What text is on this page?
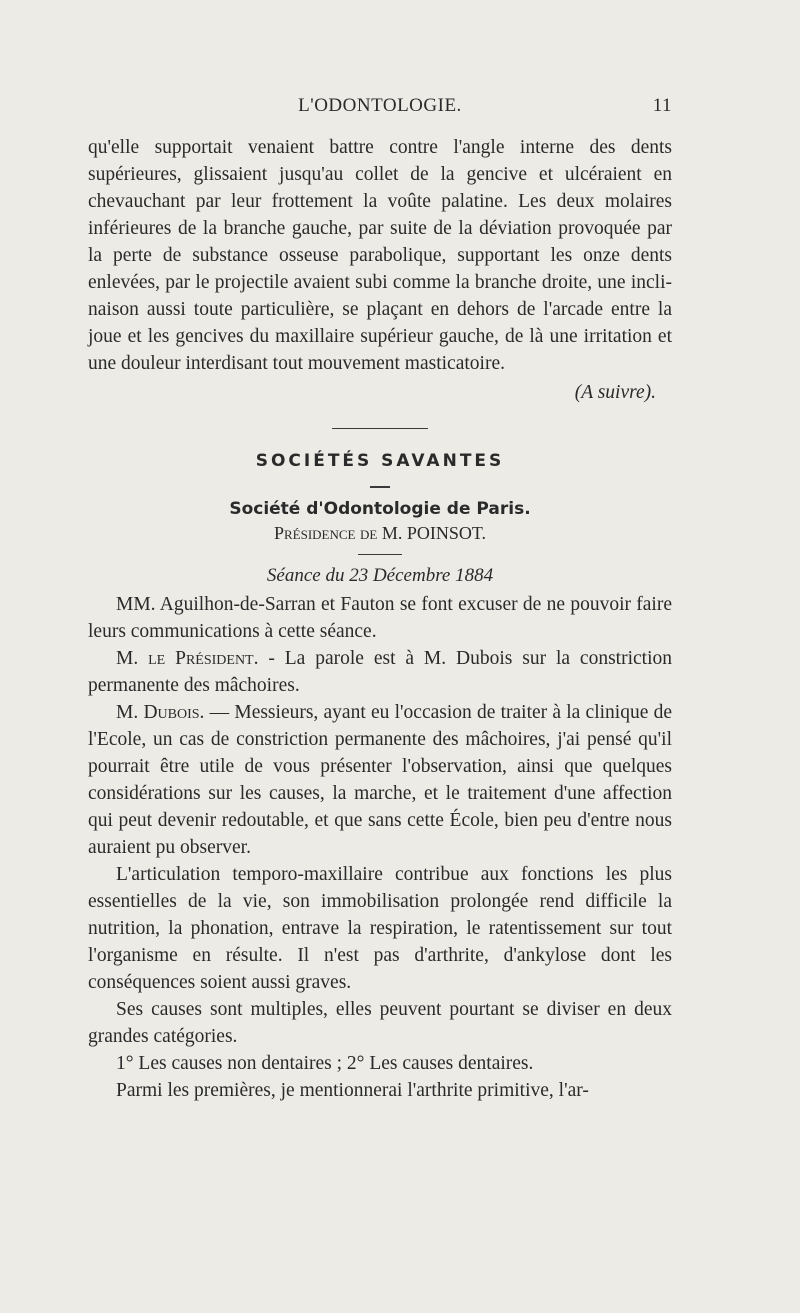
L'ODONTOLOGIE.	11

qu'elle supportait venaient battre contre l'angle interne des dents supérieures, glissaient jusqu'au collet de la gencive et ulcéraient en chevauchant par leur frottement la voûte palatine. Les deux molaires inférieures de la branche gauche, par suite de la déviation provoquée par la perte de substance osseuse parabolique, supportant les onze dents enlevées, par le projectile avaient subi comme la branche droite, une inclinaison aussi toute particulière, se plaçant en dehors de l'arcade entre la joue et les gencives du maxillaire supérieur gauche, de là une irritation et une douleur interdisant tout mouvement masticatoire.

(A suivre).

SOCIÉTÉS SAVANTES

Société d'Odontologie de Paris.

Présidence de M. POINSOT.

Séance du 23 Décembre 1884

MM. Aguilhon-de-Sarran et Fauton se font excuser de ne pouvoir faire leurs communications à cette séance.

M. le Président. - La parole est à M. Dubois sur la constriction permanente des mâchoires.

M. Dubois. — Messieurs, ayant eu l'occasion de traiter à la clinique de l'Ecole, un cas de constriction permanente des mâchoires, j'ai pensé qu'il pourrait être utile de vous présenter l'observation, ainsi que quelques considérations sur les causes, la marche, et le traitement d'une affection qui peut devenir redoutable, et que sans cette École, bien peu d'entre nous auraient pu observer.

L'articulation temporo-maxillaire contribue aux fonctions les plus essentielles de la vie, son immobilisation prolongée rend difficile la nutrition, la phonation, entrave la respiration, le ratentissement sur tout l'organisme en résulte. Il n'est pas d'arthrite, d'ankylose dont les conséquences soient aussi graves.

Ses causes sont multiples, elles peuvent pourtant se diviser en deux grandes catégories.

1° Les causes non dentaires ; 2° Les causes dentaires.

Parmi les premières, je mentionnerai l'arthrite primitive, l'ar-
